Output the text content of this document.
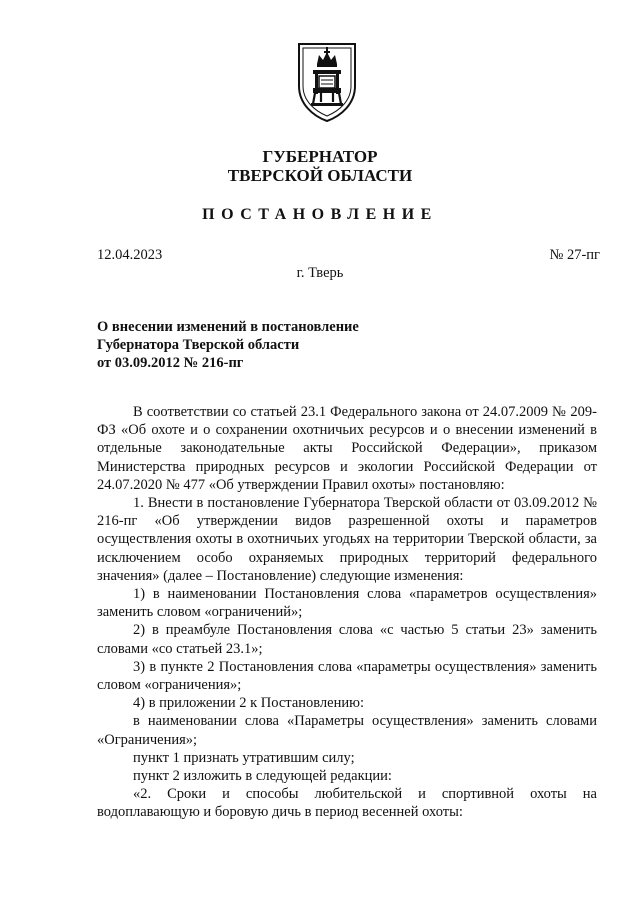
ГУБЕРНАТОР
ТВЕРСКОЙ ОБЛАСТИ
ПОСТАНОВЛЕНИЕ
12.04.2023	№ 27-пг
г. Тверь
О внесении изменений в постановление
Губернатора Тверской области
от 03.09.2012 № 216-пг

В соответствии со статьей 23.1 Федерального закона от 24.07.2009 № 209-ФЗ «Об охоте и о сохранении охотничьих ресурсов и о внесении изменений в отдельные законодательные акты Российской Федерации», приказом Министерства природных ресурсов и экологии Российской Федерации от 24.07.2020 № 477 «Об утверждении Правил охоты» постановляю:

1. Внести в постановление Губернатора Тверской области от 03.09.2012 № 216-пг «Об утверждении видов разрешенной охоты и параметров осуществления охоты в охотничьих угодьях на территории Тверской области, за исключением особо охраняемых природных территорий федерального значения» (далее – Постановление) следующие изменения:

1) в наименовании Постановления слова «параметров осуществления» заменить словом «ограничений»;

2) в преамбуле Постановления слова «с частью 5 статьи 23» заменить словами «со статьей 23.1»;

3) в пункте 2 Постановления слова «параметры осуществления» заменить словом «ограничения»;

4) в приложении 2 к Постановлению:

в наименовании слова «Параметры осуществления» заменить словами «Ограничения»;

пункт 1 признать утратившим силу;

пункт 2 изложить в следующей редакции:

«2. Сроки и способы любительской и спортивной охоты на водоплавающую и боровую дичь в период весенней охоты:
